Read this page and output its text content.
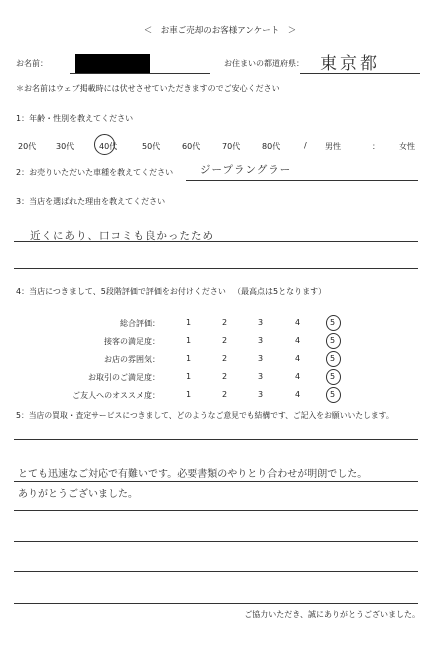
＜　お車ご売却のお客様アンケート　＞
お名前：	お住まいの都道府県： 東京都
＊お名前はウェブ掲載時には伏せさせていただきますのでご安心ください
1：年齢・性別を教えてください
20代 30代	40代	50代	60代	70代	80代	/ 男性	： 女性
2：お売りいただいた車種を教えてください	ジープラングラー
3：当店を選ばれた理由を教えてください
近くにあり、口コミも良かったため
4：当店につきまして、5段階評価で評価をお付けください （最高点は5となります）
総合評価：	1	2	3	4	5
接客の満足度：	1	2	3	4	5
お店の雰囲気：	1	2	3	4	5
お取引のご満足度：	1	2	3	4	5
ご友人へのオススメ度：	1	2	3	4	5
5：当店の買取・査定サービスにつきまして、どのようなご意見でも結構です、ご記入をお願いいたします。
とても迅速なご対応で有難いです。必要書類のやりとり合わせが明朗でした。
ありがとうございました。
ご協力いただき、誠にありがとうございました。
